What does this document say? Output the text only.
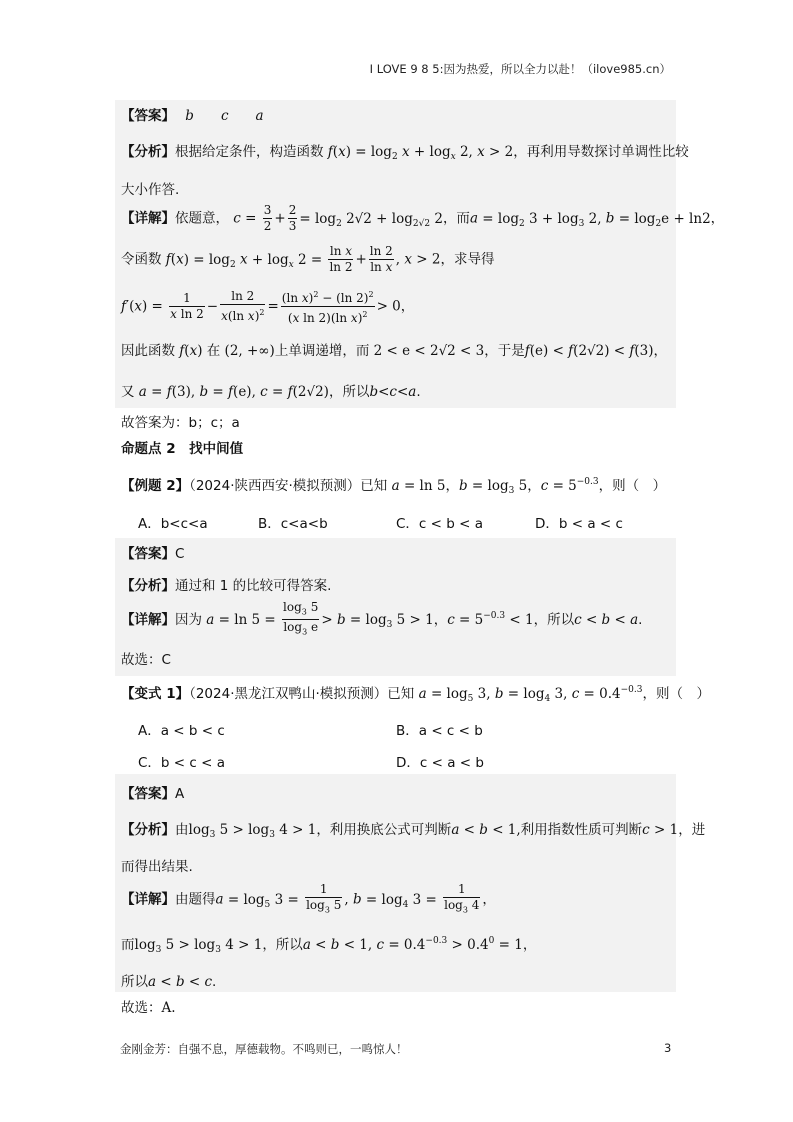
I LOVE 9 8 5:因为热爱，所以全力以赴！（ilove985.cn）
【答案】 b　　c　　a
【分析】根据给定条件，构造函数 $f(x) = \log_2 x + \log_x 2$, x > 2，再利用导数探讨单调性比较
大小作答.
【详解】依题意， $c = \frac{3}{2} + \frac{2}{3} = \log_2 2√2 + \log_{2√2} 2$，而$a = \log_2 3 + \log_3 2$, $b = \log_2e + \ln 2$，
令函数 $f(x) = \log_2 x + \log_x 2 = \frac{\text{ln x}}{\ln 2} + \frac{\ln 2}{\text{ln x}}$ , x > 2，求导得
$f'(x) = \frac{1}{\text{x ln 2}} - \frac{\ln 2}{x(\ln x)^2} = \frac{(\ln x)^2 - (\ln 2)^2}{(x \ln 2)(\ln x)^2} > 0$，
因此函数 f(x) 在 (2, +∞)上单调递增，而 2 < e < 2√2 < 3，于是f(e) < f(2√2) < f(3)，
又 a = f(3), b = f(e), c = f(2√2)，所以b<c<a.
故答案为：b；c；a
命题点 2　找中间值
【例题 2】（2024·陕西西安·模拟预测）已知 a = ln 5，$b = \log_3 5$，$c = 5^{-0.3}$，则（　）
A．b<c<a	B．c<a<b	C．c < b < a	D．b < a < c
【答案】C
【分析】通过和 1 的比较可得答案.
【详解】因为 $a = \ln 5 = \frac{\log_3 5}{\log_3 e} > b = \log_3 5 > 1$，$c = 5^{-0.3} < 1$，所以c < b < a.
故选：C
【变式 1】（2024·黑龙江双鸭山·模拟预测）已知 $a = \log_5 3$, $b = \log_4 3$, $c = 0.4^{-0.3}$，则（　）
A．a < b < c	B．a < c < b
C．b < c < a	D．c < a < b
【答案】A
【分析】由$\log_3 5 > \log_3 4 > 1$，利用换底公式可判断a < b < 1,利用指数性质可判断c > 1，进
而得出结果.
【详解】由题得$a = \log_5 3 = \frac{1}{\log_3 5}$ , $b = \log_4 3 = \frac{1}{\log_3 4}$ ，
而$\log_3 5 > \log_3 4 > 1$，所以a < b < 1, $c = 0.4^{-0.3} > 0.4^0 = 1$，
所以a < b < c.
故选：A.
金刚金芳：自强不息，厚德载物。不鸣则已，一鸣惊人！	3
